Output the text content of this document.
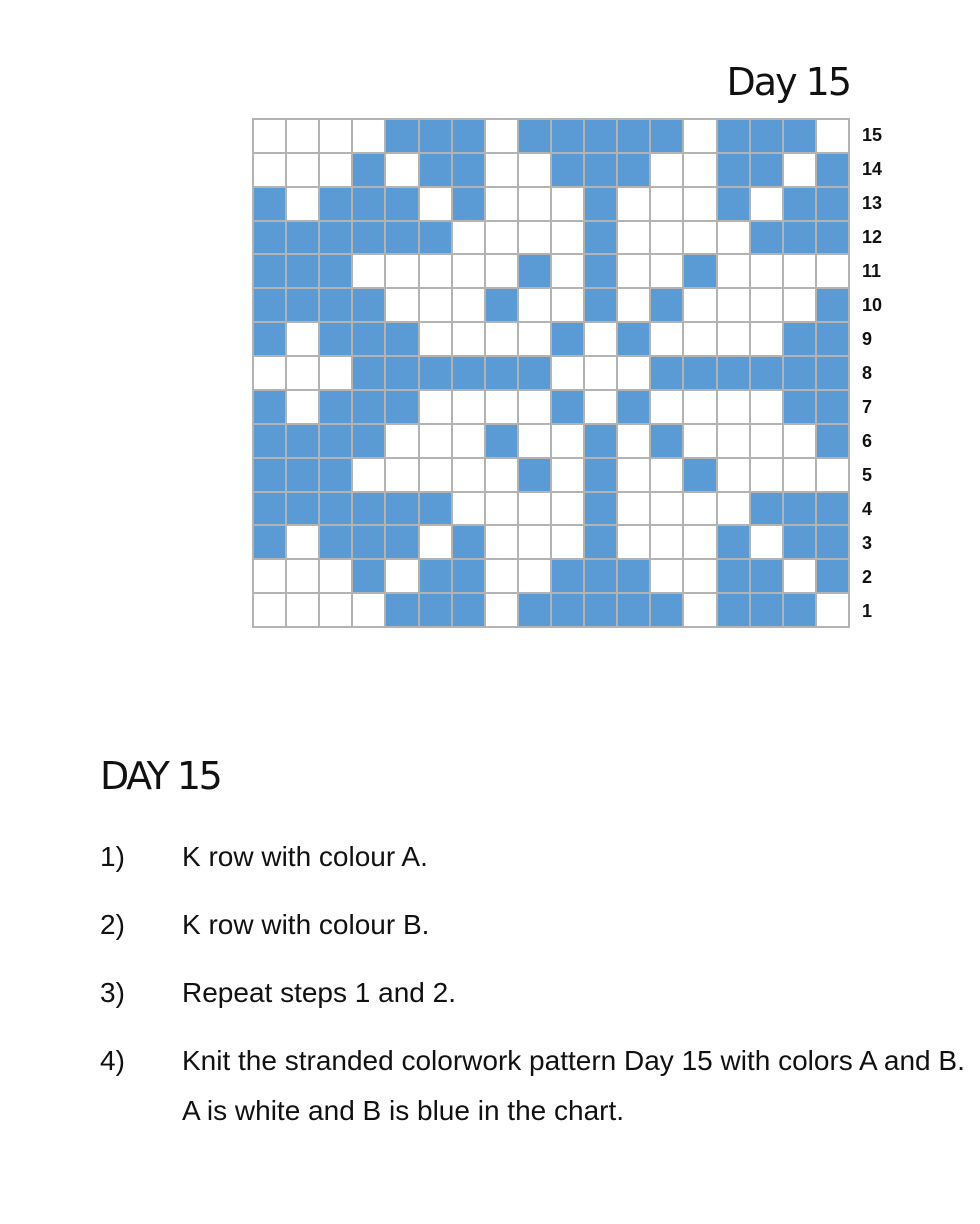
Day 15
15
14
13
12
11
10
9
8
7
6
5
4
3
2
1
DAY 15
1)	K row with colour A.
2)	K row with colour B.
3)	Repeat steps 1 and 2.
4)	Knit the stranded colorwork pattern Day 15 with colors A and B. A is white and B is blue in the chart.
